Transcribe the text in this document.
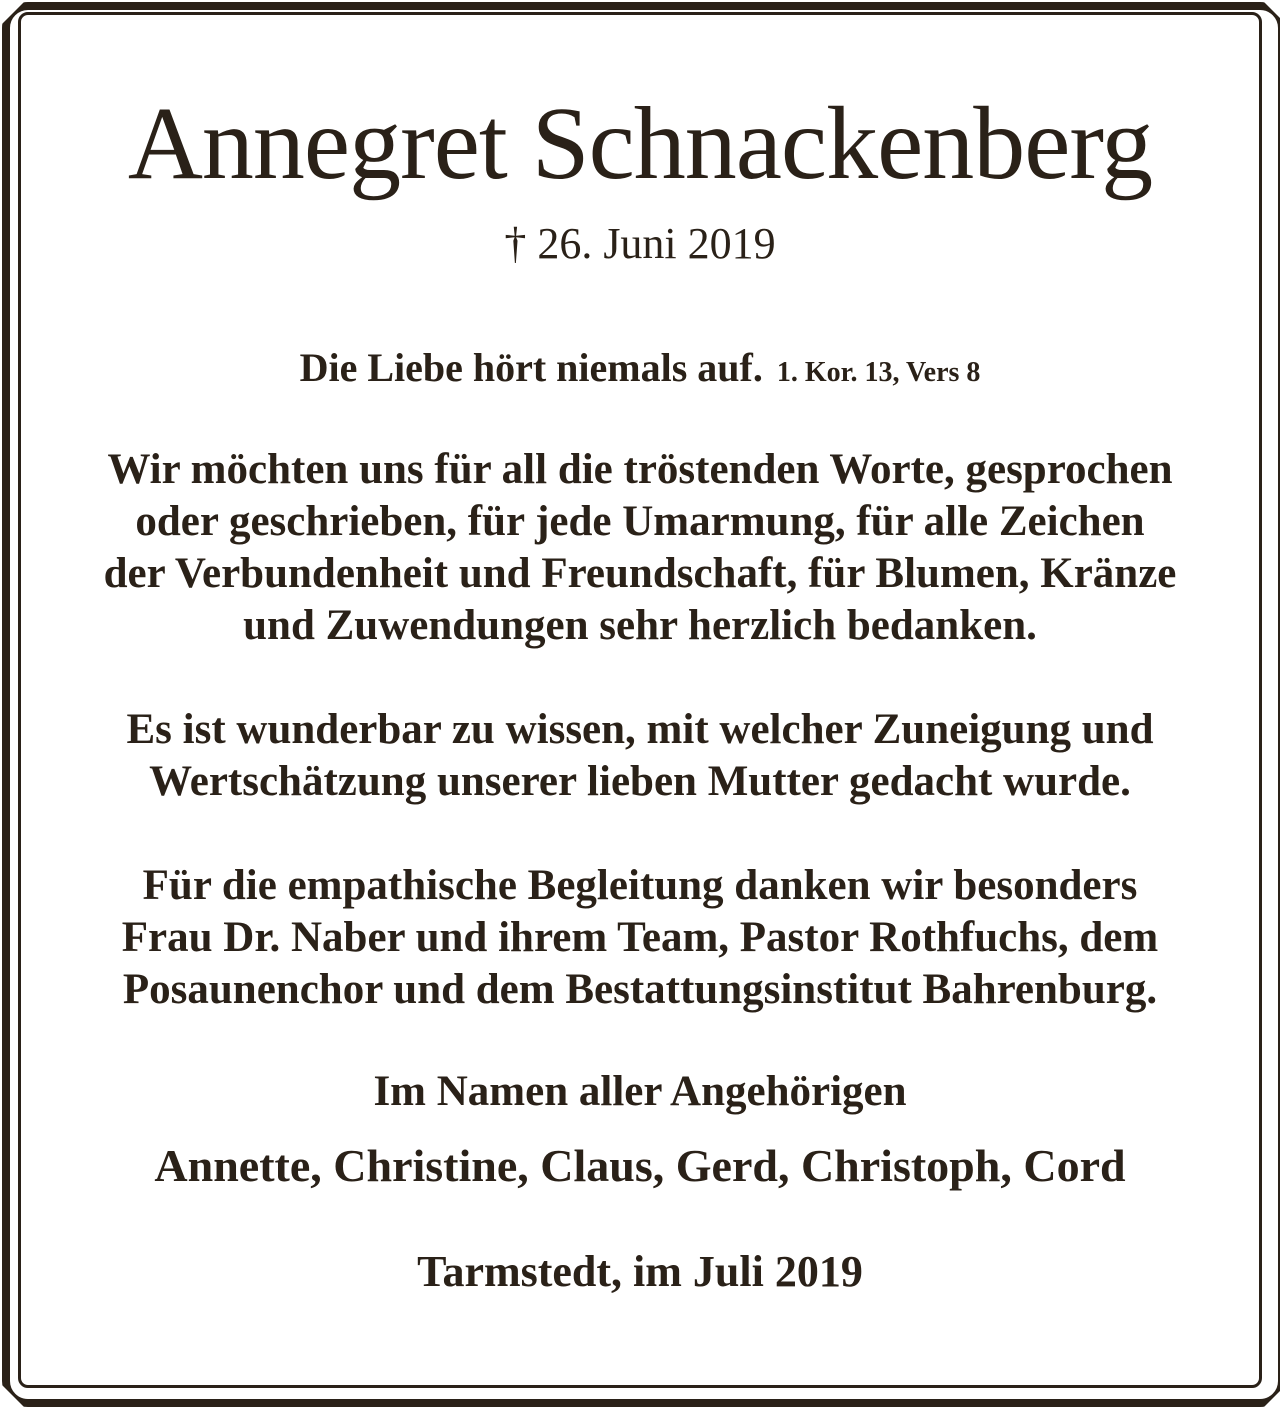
Annegret Schnackenberg
† 26. Juni 2019
Die Liebe hört niemals auf. 1. Kor. 13, Vers 8
Wir möchten uns für all die tröstenden Worte, gesprochen
oder geschrieben, für jede Umarmung, für alle Zeichen
der Verbundenheit und Freundschaft, für Blumen, Kränze
und Zuwendungen sehr herzlich bedanken.
Es ist wunderbar zu wissen, mit welcher Zuneigung und
Wertschätzung unserer lieben Mutter gedacht wurde.
Für die empathische Begleitung danken wir besonders
Frau Dr. Naber und ihrem Team, Pastor Rothfuchs, dem
Posaunenchor und dem Bestattungsinstitut Bahrenburg.
Im Namen aller Angehörigen
Annette, Christine, Claus, Gerd, Christoph, Cord
Tarmstedt, im Juli 2019
